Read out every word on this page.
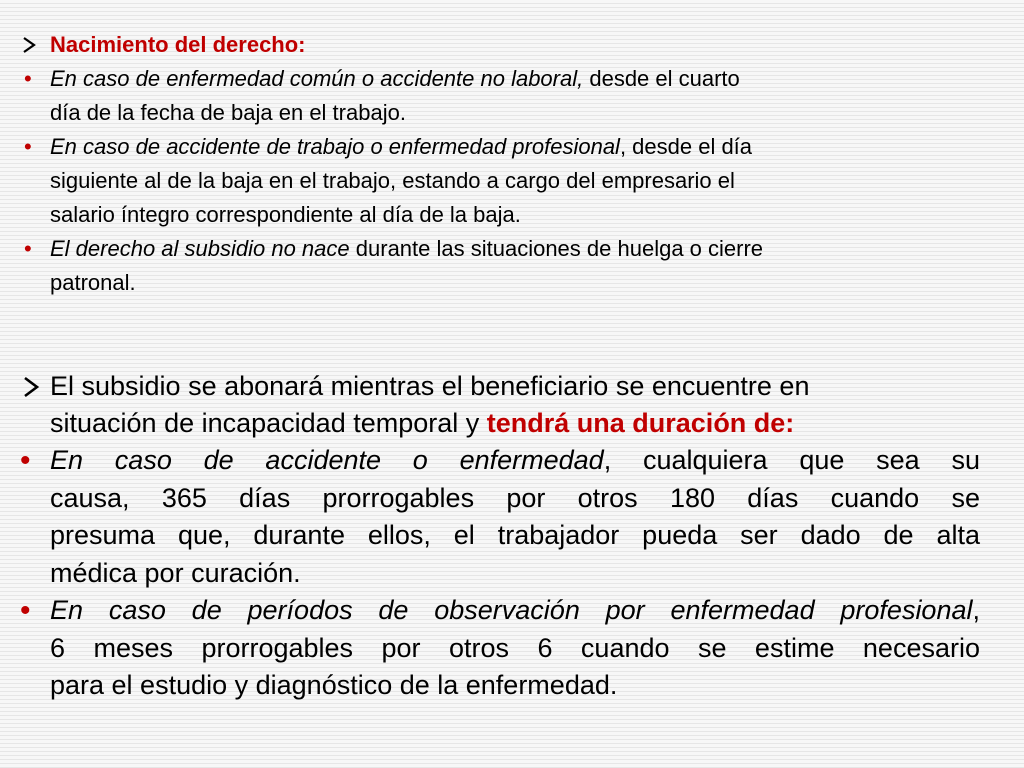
Nacimiento del derecho:
• En caso de enfermedad común o accidente no laboral, desde el cuarto
día de la fecha de baja en el trabajo.
• En caso de accidente de trabajo o enfermedad profesional, desde el día
siguiente al de la baja en el trabajo, estando a cargo del empresario el
salario íntegro correspondiente al día de la baja.
• El derecho al subsidio no nace durante las situaciones de huelga o cierre
patronal.
El subsidio se abonará mientras el beneficiario se encuentre en
situación de incapacidad temporal y tendrá una duración de:
• En caso de accidente o enfermedad, cualquiera que sea su
causa, 365 días prorrogables por otros 180 días cuando se
presuma que, durante ellos, el trabajador pueda ser dado de alta
médica por curación.
• En caso de períodos de observación por enfermedad profesional,
6 meses prorrogables por otros 6 cuando se estime necesario
para el estudio y diagnóstico de la enfermedad.
